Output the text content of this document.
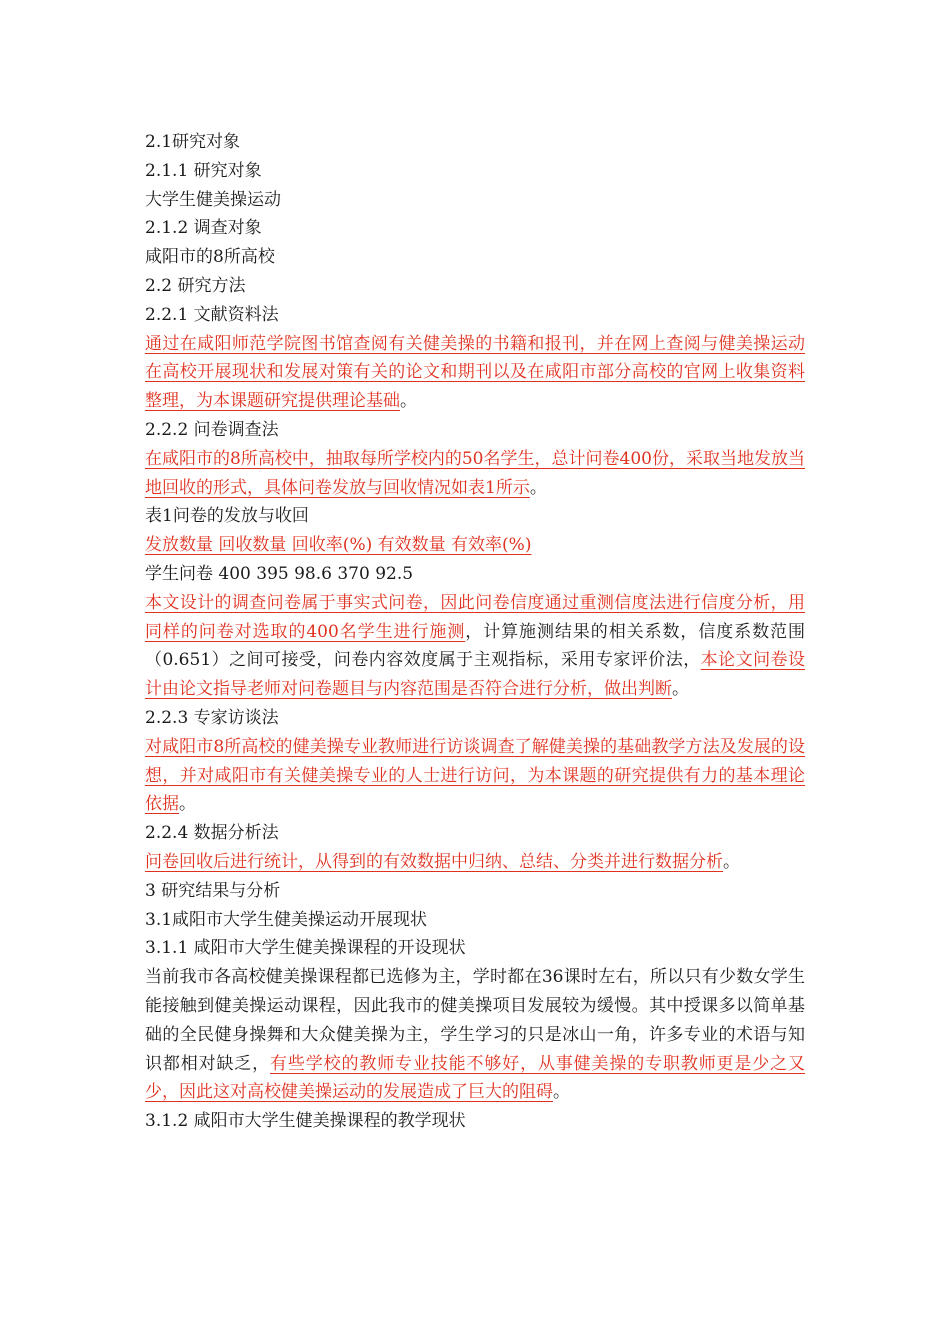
2.1研究对象
2.1.1 研究对象
大学生健美操运动
2.1.2 调查对象
咸阳市的8所高校
2.2 研究方法
2.2.1 文献资料法
通过在咸阳师范学院图书馆查阅有关健美操的书籍和报刊，并在网上查阅与健美操运动在高校开展现状和发展对策有关的论文和期刊以及在咸阳市部分高校的官网上收集资料整理，为本课题研究提供理论基础。
2.2.2 问卷调查法
在咸阳市的8所高校中，抽取每所学校内的50名学生，总计问卷400份，采取当地发放当地回收的形式，具体问卷发放与回收情况如表1所示。
表1问卷的发放与收回
发放数量 回收数量 回收率(%) 有效数量 有效率(%)
学生问卷 400 395 98.6 370 92.5
本文设计的调查问卷属于事实式问卷，因此问卷信度通过重测信度法进行信度分析，用同样的问卷对选取的400名学生进行施测，计算施测结果的相关系数，信度系数范围（0.651）之间可接受，问卷内容效度属于主观指标，采用专家评价法，本论文问卷设计由论文指导老师对问卷题目与内容范围是否符合进行分析，做出判断。
2.2.3 专家访谈法
对咸阳市8所高校的健美操专业教师进行访谈调查了解健美操的基础教学方法及发展的设想，并对咸阳市有关健美操专业的人士进行访问，为本课题的研究提供有力的基本理论依据。
2.2.4 数据分析法
问卷回收后进行统计，从得到的有效数据中归纳、总结、分类并进行数据分析。
3 研究结果与分析
3.1咸阳市大学生健美操运动开展现状
3.1.1 咸阳市大学生健美操课程的开设现状
当前我市各高校健美操课程都已选修为主，学时都在36课时左右，所以只有少数女学生能接触到健美操运动课程，因此我市的健美操项目发展较为缓慢。其中授课多以简单基础的全民健身操舞和大众健美操为主，学生学习的只是冰山一角，许多专业的术语与知识都相对缺乏，有些学校的教师专业技能不够好，从事健美操的专职教师更是少之又少，因此这对高校健美操运动的发展造成了巨大的阻碍。
3.1.2 咸阳市大学生健美操课程的教学现状
